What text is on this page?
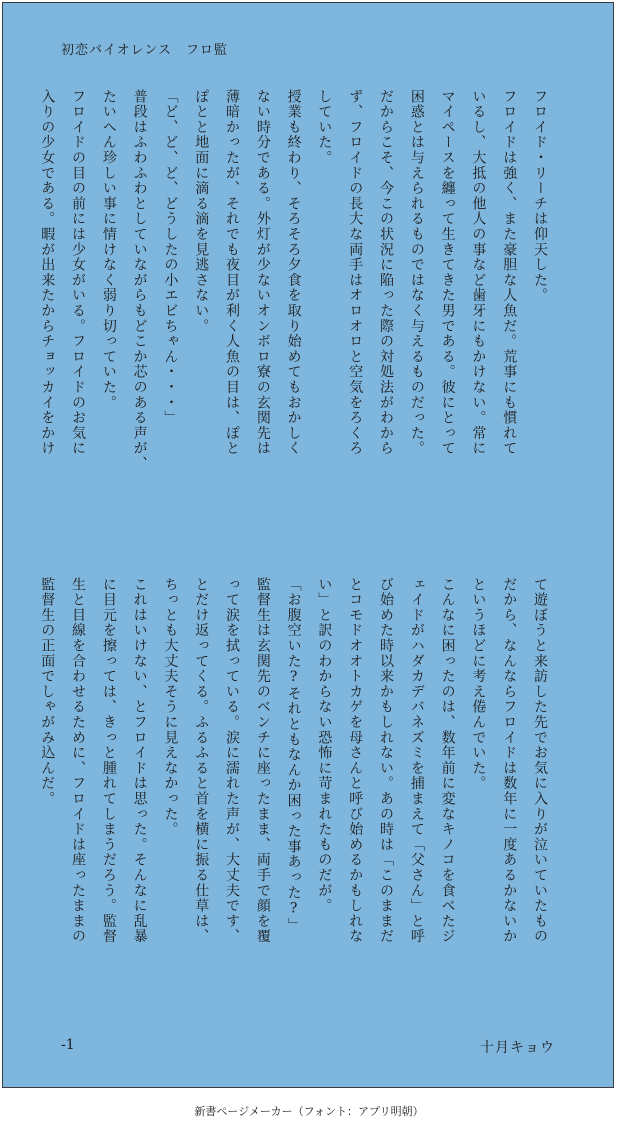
初恋バイオレンス　フロ監
フロイド・リーチは仰天した。
フロイドは強く、また豪胆な人魚だ。荒事にも慣れて
いるし、大抵の他人の事など歯牙にもかけない。常に
マイペースを纏って生きてきた男である。彼にとって
困惑とは与えられるものではなく与えるものだった。
だからこそ、今この状況に陥った際の対処法がわから
ず、フロイドの長大な両手はオロオロと空気をろくろ
していた。
授業も終わり、そろそろ夕食を取り始めてもおかしく
ない時分である。外灯が少ないオンボロ寮の玄関先は
薄暗かったが、それでも夜目が利く人魚の目は、ぽと
ぽとと地面に滴る滴を見逃さない。
「ど、ど、ど、どうしたの小エビちゃん・・・」
普段はふわふわとしていながらもどこか芯のある声が、
たいへん珍しい事に情けなく弱り切っていた。
フロイドの目の前には少女がいる。フロイドのお気に
入りの少女である。暇が出来たからチョッカイをかけ
て遊ぼうと来訪した先でお気に入りが泣いていたもの
だから、なんならフロイドは数年に一度あるかないか
というほどに考え倦んでいた。
こんなに困ったのは、数年前に変なキノコを食べたジ
ェイドがハダカデバネズミを捕まえて「父さん」と呼
び始めた時以来かもしれない。あの時は「このままだ
とコモドオオトカゲを母さんと呼び始めるかもしれな
い」と訳のわからない恐怖に苛まれたものだが。
「お腹空いた?それともなんか困った事あった?」
監督生は玄関先のベンチに座ったまま、両手で顔を覆
って涙を拭っている。涙に濡れた声が、大丈夫です、
とだけ返ってくる。ふるふると首を横に振る仕草は、
ちっとも大丈夫そうに見えなかった。
これはいけない、とフロイドは思った。そんなに乱暴
に目元を擦っては、きっと腫れてしまうだろう。監督
生と目線を合わせるために、フロイドは座ったままの
監督生の正面でしゃがみ込んだ。
-1	十月キョウ
新書ページメーカー（フォント：アプリ明朝）
